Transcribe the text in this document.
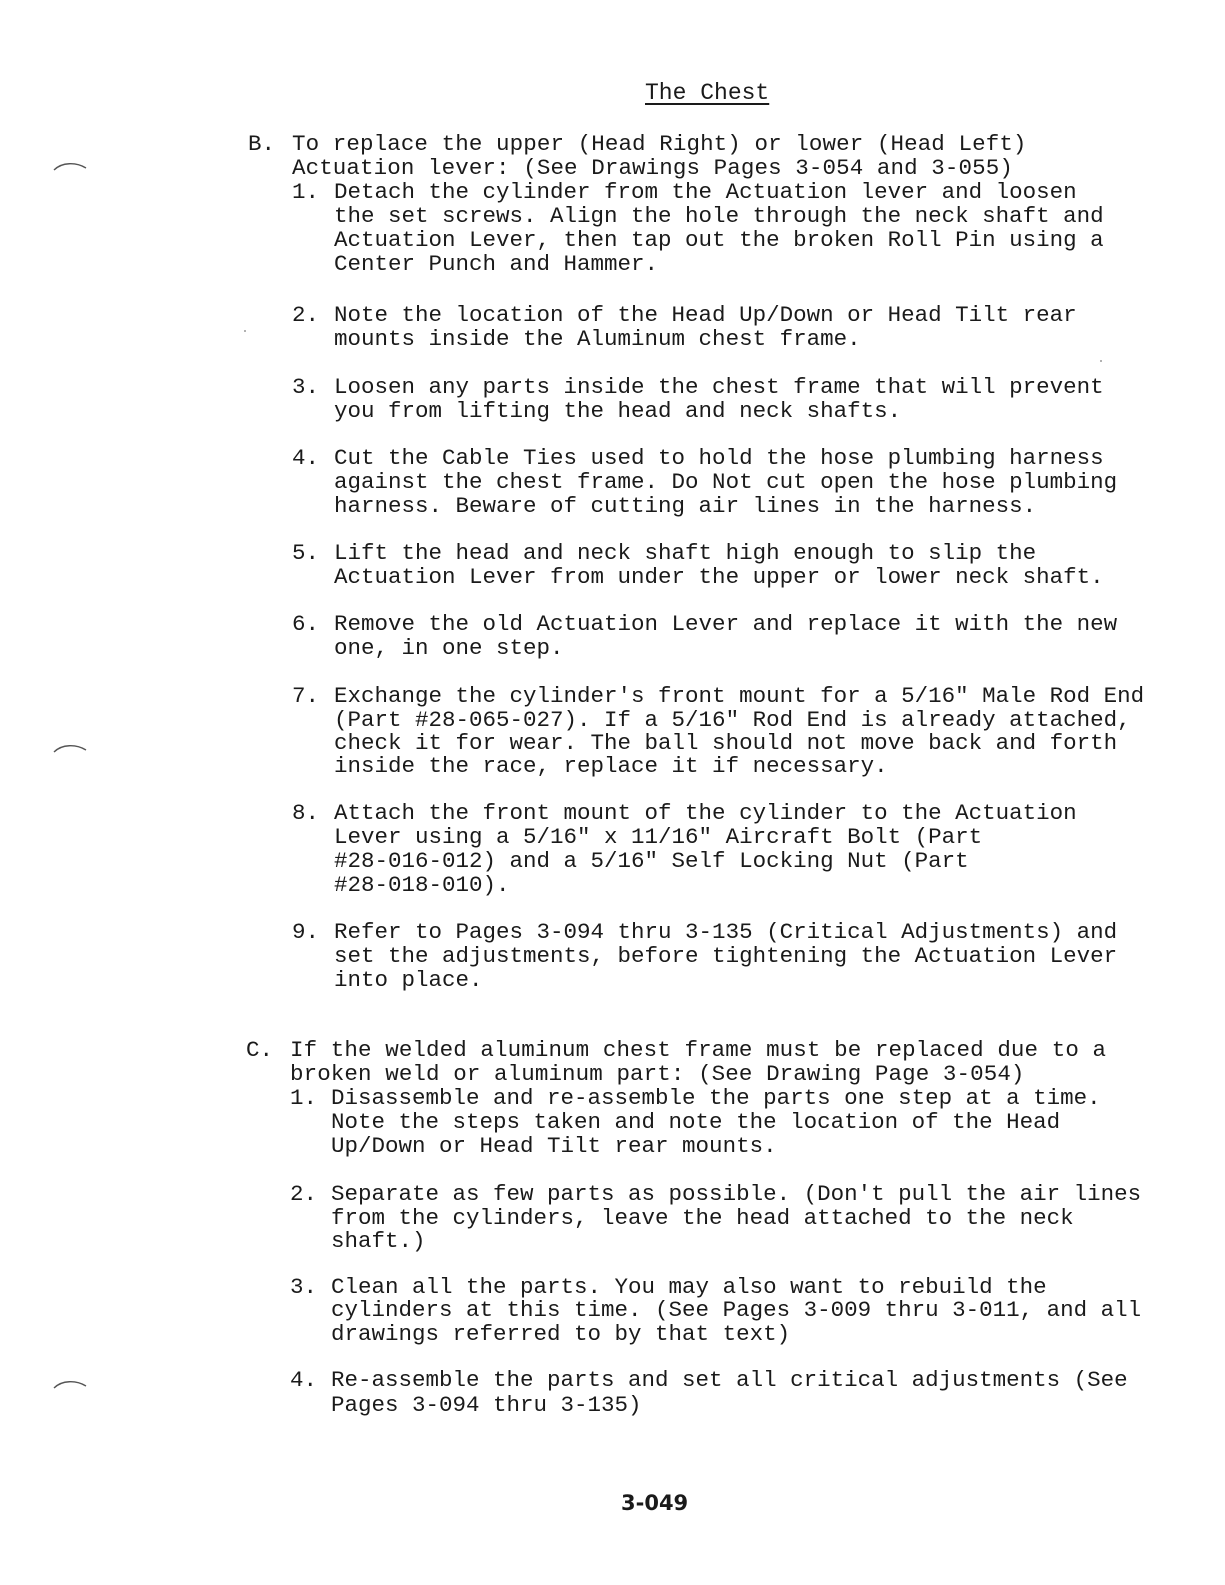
The Chest
B. To replace the upper (Head Right) or lower (Head Left)
Actuation lever: (See Drawings Pages 3-054 and 3-055)
1. Detach the cylinder from the Actuation lever and loosen
the set screws. Align the hole through the neck shaft and
Actuation Lever, then tap out the broken Roll Pin using a
Center Punch and Hammer.
2. Note the location of the Head Up/Down or Head Tilt rear
mounts inside the Aluminum chest frame.
3. Loosen any parts inside the chest frame that will prevent
you from lifting the head and neck shafts.
4. Cut the Cable Ties used to hold the hose plumbing harness
against the chest frame. Do Not cut open the hose plumbing
harness. Beware of cutting air lines in the harness.
5. Lift the head and neck shaft high enough to slip the
Actuation Lever from under the upper or lower neck shaft.
6. Remove the old Actuation Lever and replace it with the new
one, in one step.
7. Exchange the cylinder's front mount for a 5/16" Male Rod End
(Part #28-065-027). If a 5/16" Rod End is already attached,
check it for wear. The ball should not move back and forth
inside the race, replace it if necessary.
8. Attach the front mount of the cylinder to the Actuation
Lever using a 5/16" x 11/16" Aircraft Bolt (Part
#28-016-012) and a 5/16" Self Locking Nut (Part
#28-018-010).
9. Refer to Pages 3-094 thru 3-135 (Critical Adjustments) and
set the adjustments, before tightening the Actuation Lever
into place.
C. If the welded aluminum chest frame must be replaced due to a
broken weld or aluminum part: (See Drawing Page 3-054)
1. Disassemble and re-assemble the parts one step at a time.
Note the steps taken and note the location of the Head
Up/Down or Head Tilt rear mounts.
2. Separate as few parts as possible. (Don't pull the air lines
from the cylinders, leave the head attached to the neck
shaft.)
3. Clean all the parts. You may also want to rebuild the
cylinders at this time. (See Pages 3-009 thru 3-011, and all
drawings referred to by that text)
4. Re-assemble the parts and set all critical adjustments (See
Pages 3-094 thru 3-135)
3-049
